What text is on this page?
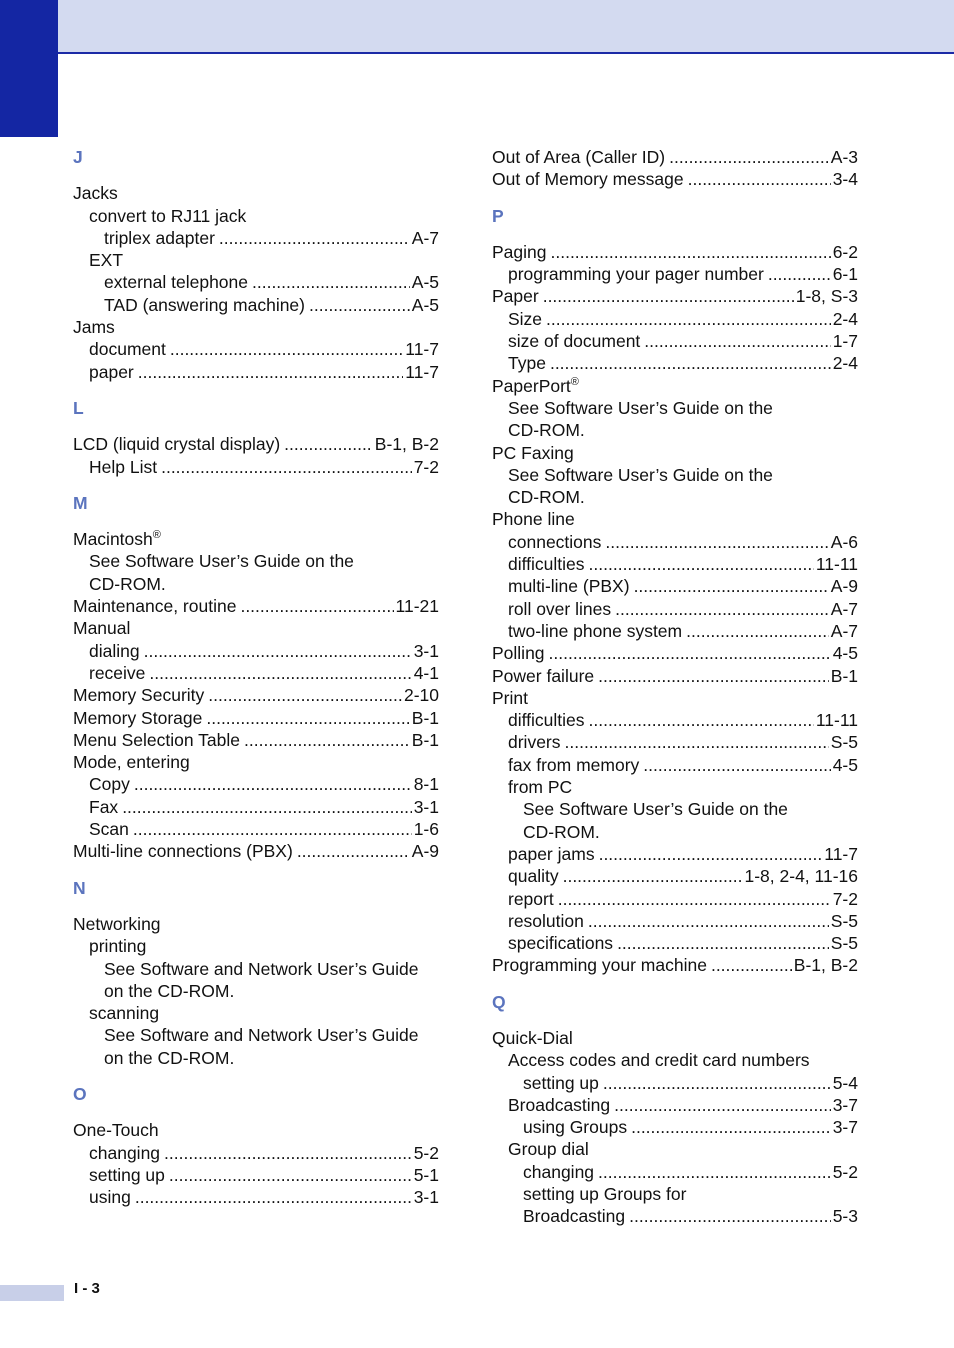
J
Jacks
convert to RJ11 jack
triplex adapter .....	A-7
EXT
external telephone .....	A-5
TAD (answering machine) .....	A-5
Jams
document .....	11-7
paper .....	11-7
L
LCD (liquid crystal display) .....	B-1, B-2
Help List .....	7-2
M
Macintosh®
See Software User’s Guide on the
CD-ROM.
Maintenance, routine .....	11-21
Manual
dialing .....	3-1
receive .....	4-1
Memory Security .....	2-10
Memory Storage .....	B-1
Menu Selection Table .....	B-1
Mode, entering
Copy .....	8-1
Fax .....	3-1
Scan .....	1-6
Multi-line connections (PBX) .....	A-9
N
Networking
printing
See Software and Network User’s Guide
on the CD-ROM.
scanning
See Software and Network User’s Guide
on the CD-ROM.
O
One-Touch
changing .....	5-2
setting up .....	5-1
using .....	3-1
Out of Area (Caller ID) .....	A-3
Out of Memory message .....	3-4
P
Paging .....	6-2
programming your pager number .....	6-1
Paper .....	1-8, S-3
Size .....	2-4
size of document .....	1-7
Type .....	2-4
PaperPort®
See Software User’s Guide on the
CD-ROM.
PC Faxing
See Software User’s Guide on the
CD-ROM.
Phone line
connections .....	A-6
difficulties .....	11-11
multi-line (PBX) .....	A-9
roll over lines .....	A-7
two-line phone system .....	A-7
Polling .....	4-5
Power failure .....	B-1
Print
difficulties .....	11-11
drivers .....	S-5
fax from memory .....	4-5
from PC
See Software User’s Guide on the
CD-ROM.
paper jams .....	11-7
quality .....	1-8, 2-4, 11-16
report .....	7-2
resolution .....	S-5
specifications .....	S-5
Programming your machine .....	B-1, B-2
Q
Quick-Dial
Access codes and credit card numbers
setting up .....	5-4
Broadcasting .....	3-7
using Groups .....	3-7
Group dial
changing .....	5-2
setting up Groups for
Broadcasting .....	5-3
I - 3
